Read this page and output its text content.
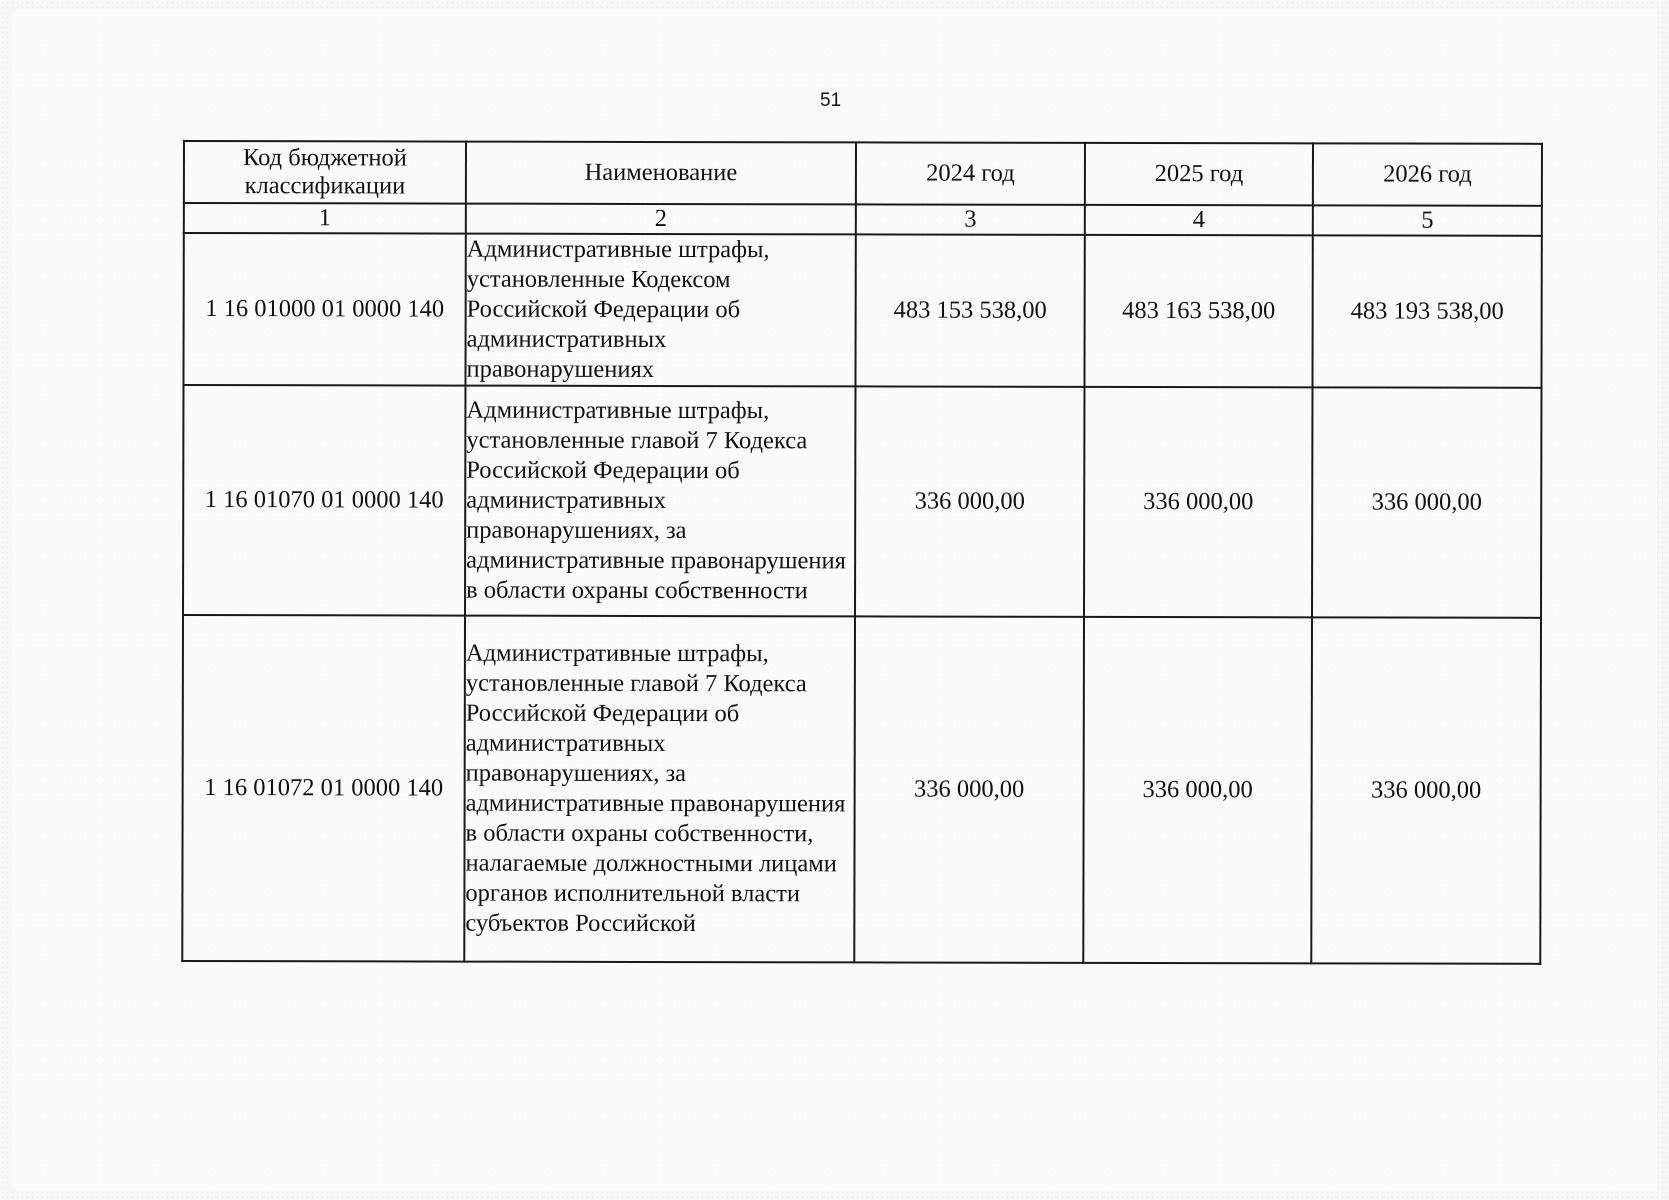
51
Код бюджетной классификации	Наименование	2024 год	2025 год	2026 год
1	2	3	4	5
1 16 01000 01 0000 140	Административные штрафы, установленные Кодексом Российской Федерации об административных правонарушениях	483 153 538,00	483 163 538,00	483 193 538,00
1 16 01070 01 0000 140	Административные штрафы, установленные главой 7 Кодекса Российской Федерации об административных правонарушениях, за административные правонарушения в области охраны собственности	336 000,00	336 000,00	336 000,00
1 16 01072 01 0000 140	Административные штрафы, установленные главой 7 Кодекса Российской Федерации об административных правонарушениях, за административные правонарушения в области охраны собственности, налагаемые должностными лицами органов исполнительной власти субъектов Российской	336 000,00	336 000,00	336 000,00
